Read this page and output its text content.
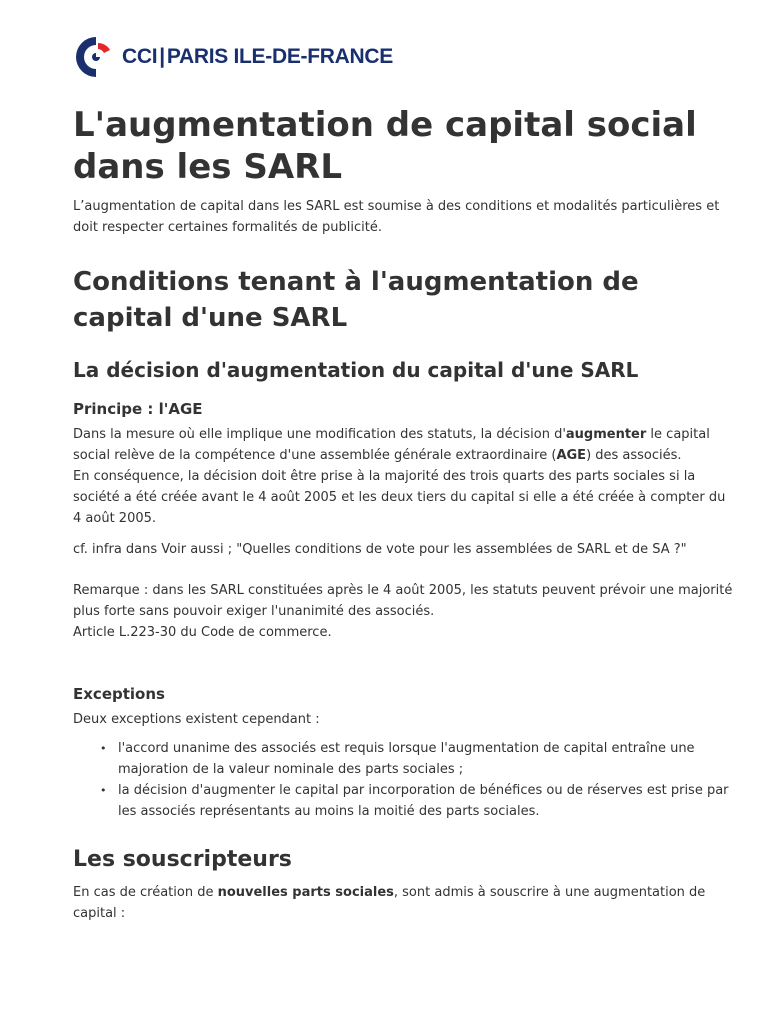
CCI|PARIS ILE-DE-FRANCE
L'augmentation de capital social dans les SARL

L’augmentation de capital dans les SARL est soumise à des conditions et modalités particulières et doit respecter certaines formalités de publicité.

Conditions tenant à l'augmentation de capital d'une SARL
La décision d'augmentation du capital d'une SARL
Principe : l'AGE

Dans la mesure où elle implique une modification des statuts, la décision d'augmenter le capital social relève de la compétence d'une assemblée générale extraordinaire (AGE) des associés.

En conséquence, la décision doit être prise à la majorité des trois quarts des parts sociales si la société a été créée avant le 4 août 2005 et les deux tiers du capital si elle a été créée à compter du 4 août 2005.

cf. infra dans Voir aussi ; "Quelles conditions de vote pour les assemblées de SARL et de SA ?"

Remarque : dans les SARL constituées après le 4 août 2005, les statuts peuvent prévoir une majorité plus forte sans pouvoir exiger l'unanimité des associés.

Article L.223-30 du Code de commerce.

Exceptions

Deux exceptions existent cependant :

• l'accord unanime des associés est requis lorsque l'augmentation de capital entraîne une majoration de la valeur nominale des parts sociales ;
• la décision d'augmenter le capital par incorporation de bénéfices ou de réserves est prise par les associés représentants au moins la moitié des parts sociales.
Les souscripteurs

En cas de création de nouvelles parts sociales, sont admis à souscrire à une augmentation de capital :
